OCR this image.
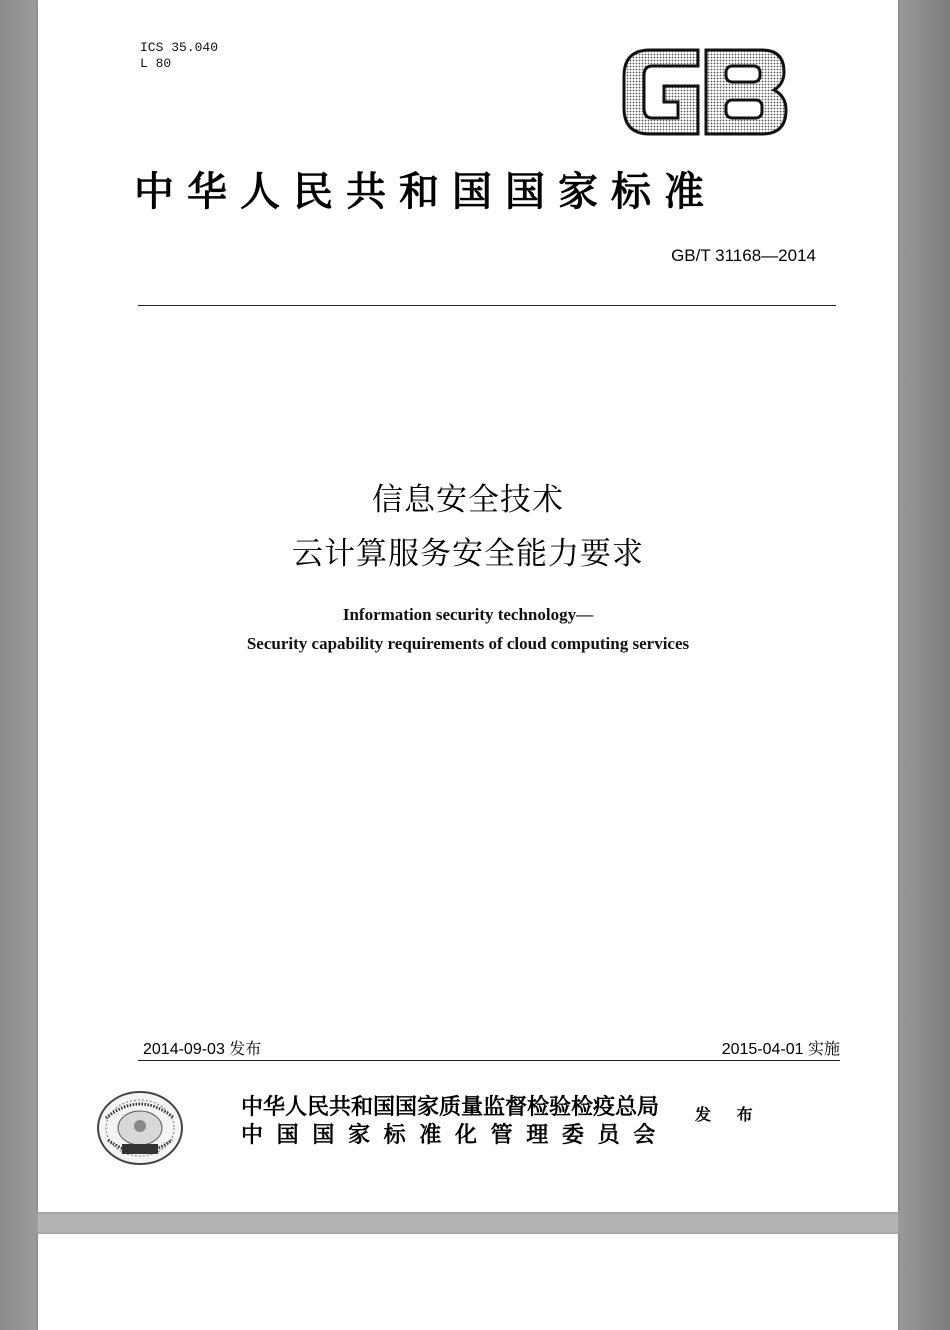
ICS 35.040
L 80
中华人民共和国国家标准
GB/T 31168—2014
信息安全技术
云计算服务安全能力要求
Information security technology—
Security capability requirements of cloud computing services
2014-09-03 发布	2015-04-01 实施
中华人民共和国国家质量监督检验检疫总局
中 国 国 家 标 准 化 管 理 委 员 会
发 布
